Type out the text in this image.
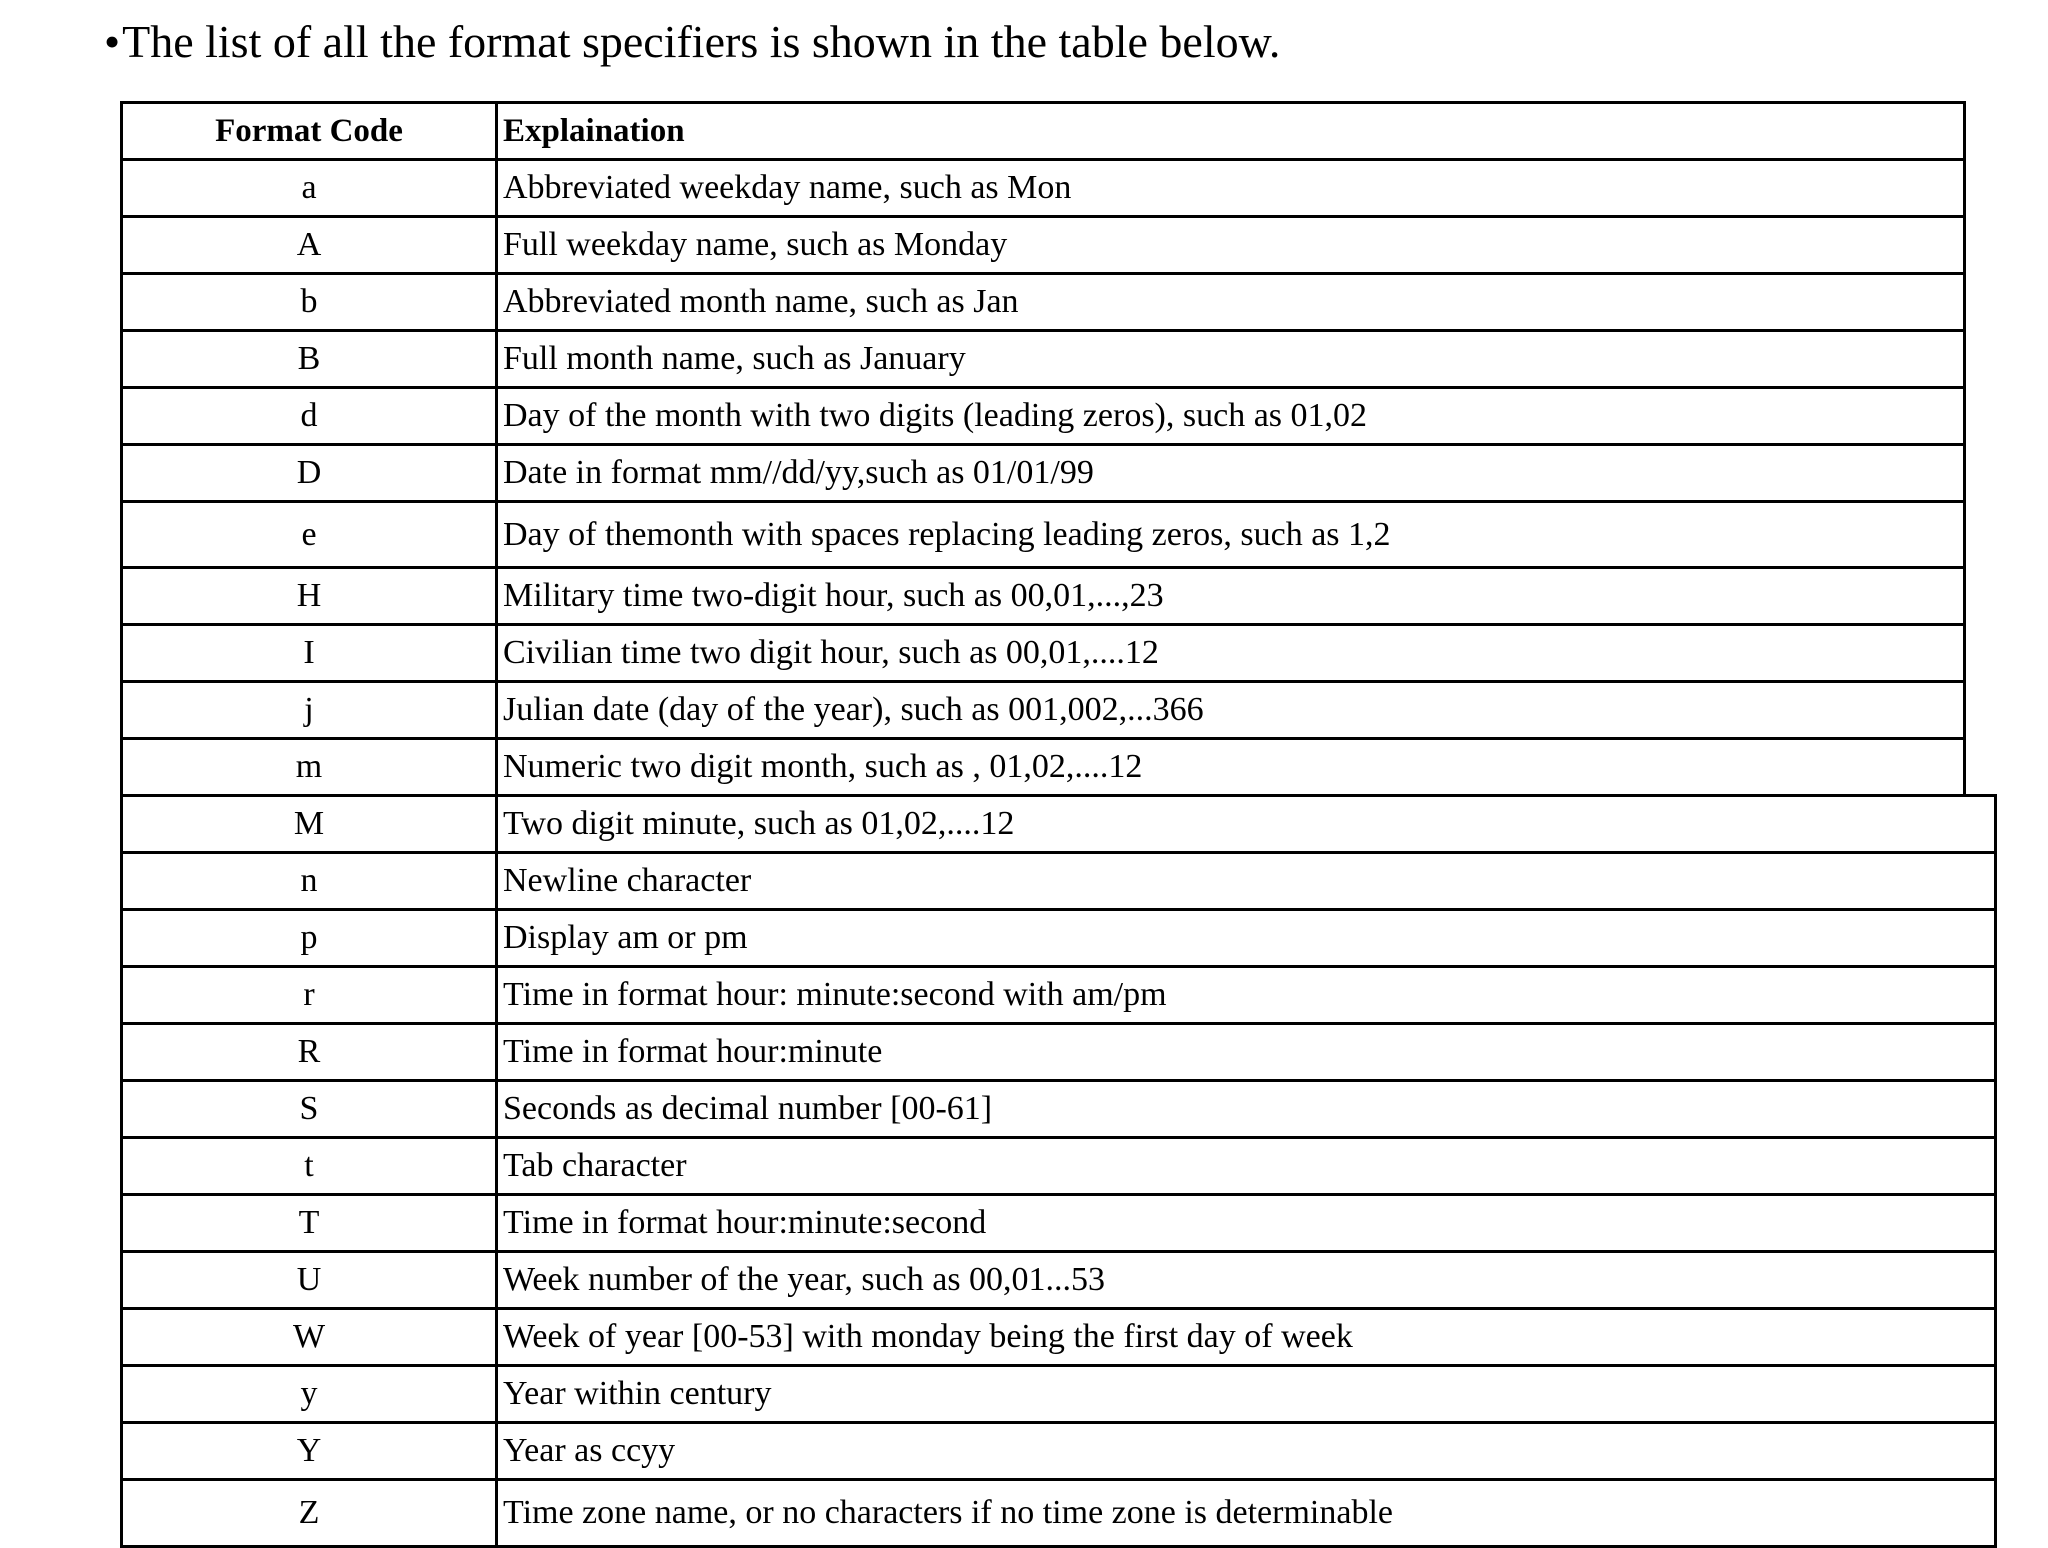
•The list of all the format specifiers is shown in the table below.
Format Code	Explaination
a	Abbreviated weekday name, such as Mon
A	Full weekday name, such as Monday
b	Abbreviated month name, such as Jan
B	Full month name, such as January
d	Day of the month with two digits (leading zeros), such as 01,02
D	Date in format mm//dd/yy,such as 01/01/99
e	Day of themonth with spaces replacing leading zeros, such as 1,2
H	Military time two-digit hour, such as 00,01,...,23
I	Civilian time two digit hour, such as 00,01,....12
j	Julian date (day of the year), such as 001,002,...366
m	Numeric two digit month, such as , 01,02,....12
M	Two digit minute, such as 01,02,....12
n	Newline character
p	Display am or pm
r	Time in format hour: minute:second with am/pm
R	Time in format hour:minute
S	Seconds as decimal number [00-61]
t	Tab character
T	Time in format hour:minute:second
U	Week number of the year, such as 00,01...53
W	Week of year [00-53] with monday being the first day of week
y	Year within century
Y	Year as ccyy
Z	Time zone name, or no characters if no time zone is determinable
